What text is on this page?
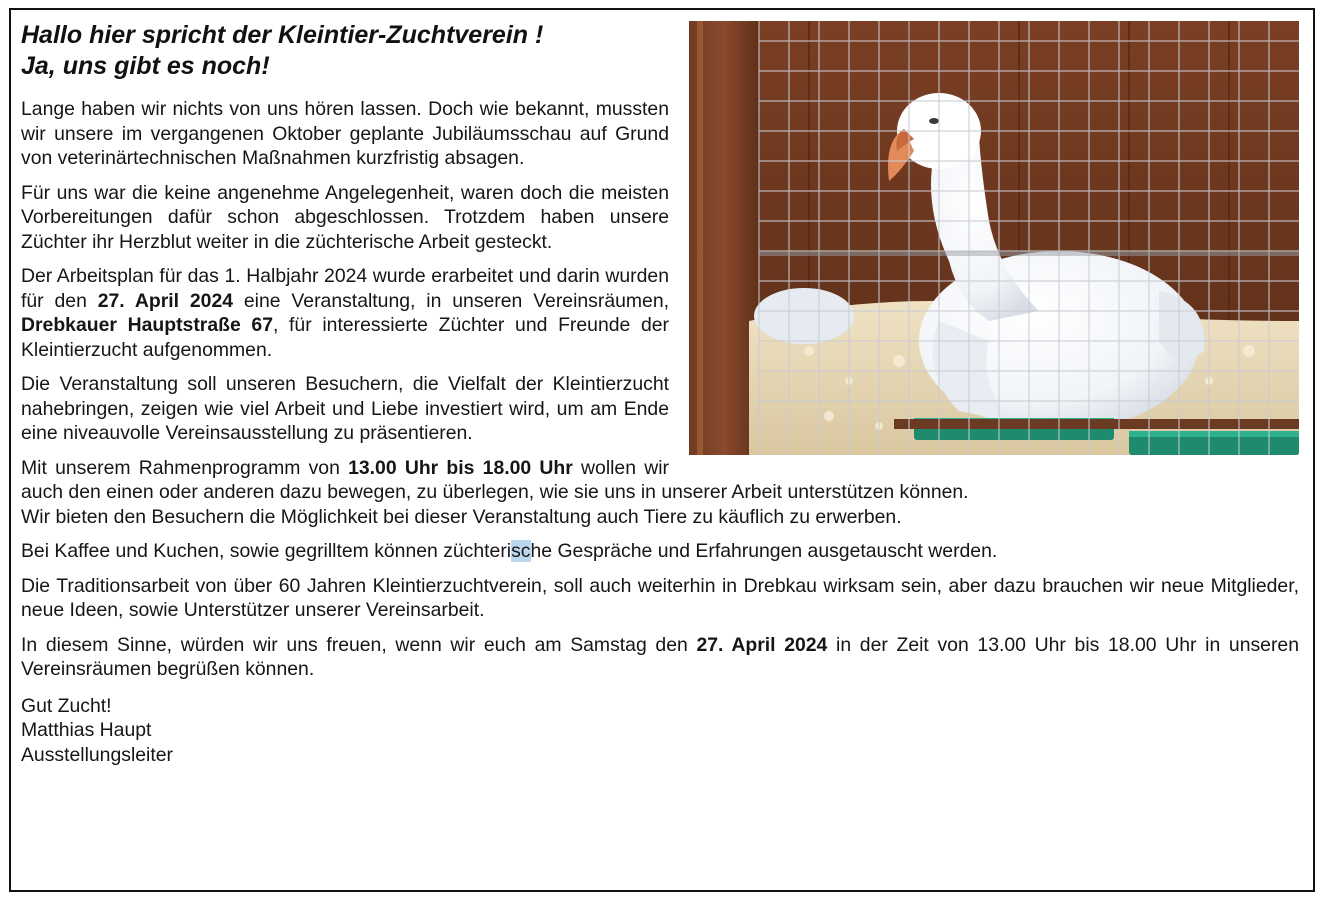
Hallo hier spricht der Kleintier-Zuchtverein !
Ja, uns gibt es noch!

Lange haben wir nichts von uns hören lassen. Doch wie bekannt, mussten wir unsere im vergangenen Oktober geplante Jubiläumsschau auf Grund von veterinärtechnischen Maßnahmen kurzfristig absagen.

Für uns war die keine angenehme Angelegenheit, waren doch die meisten Vorbereitungen dafür schon abgeschlossen. Trotzdem haben unsere Züchter ihr Herzblut weiter in die züchterische Arbeit gesteckt.

Der Arbeitsplan für das 1. Halbjahr 2024 wurde erarbeitet und darin wurden für den 27. April 2024 eine Veranstaltung, in unseren Vereinsräumen, Drebkauer Hauptstraße 67, für interessierte Züchter und Freunde der Kleintierzucht aufgenommen.

Die Veranstaltung soll unseren Besuchern, die Vielfalt der Kleintierzucht nahebringen, zeigen wie viel Arbeit und Liebe investiert wird, um am Ende eine niveauvolle Vereinsausstellung zu präsentieren.

Mit unserem Rahmenprogramm von 13.00 Uhr bis 18.00 Uhr wollen wir auch den einen oder anderen dazu bewegen, zu überlegen, wie sie uns in unserer Arbeit unterstützen können.
Wir bieten den Besuchern die Möglichkeit bei dieser Veranstaltung auch Tiere zu käuflich zu erwerben.

Bei Kaffee und Kuchen, sowie gegrilltem können züchterische Gespräche und Erfahrungen ausgetauscht werden.

Die Traditionsarbeit von über 60 Jahren Kleintierzuchtverein, soll auch weiterhin in Drebkau wirksam sein, aber dazu brauchen wir neue Mitglieder, neue Ideen, sowie Unterstützer unserer Vereinsarbeit.

In diesem Sinne, würden wir uns freuen, wenn wir euch am Samstag den 27. April 2024 in der Zeit von 13.00 Uhr bis 18.00 Uhr in unseren Vereinsräumen begrüßen können.

Gut Zucht!
Matthias Haupt
Ausstellungsleiter
